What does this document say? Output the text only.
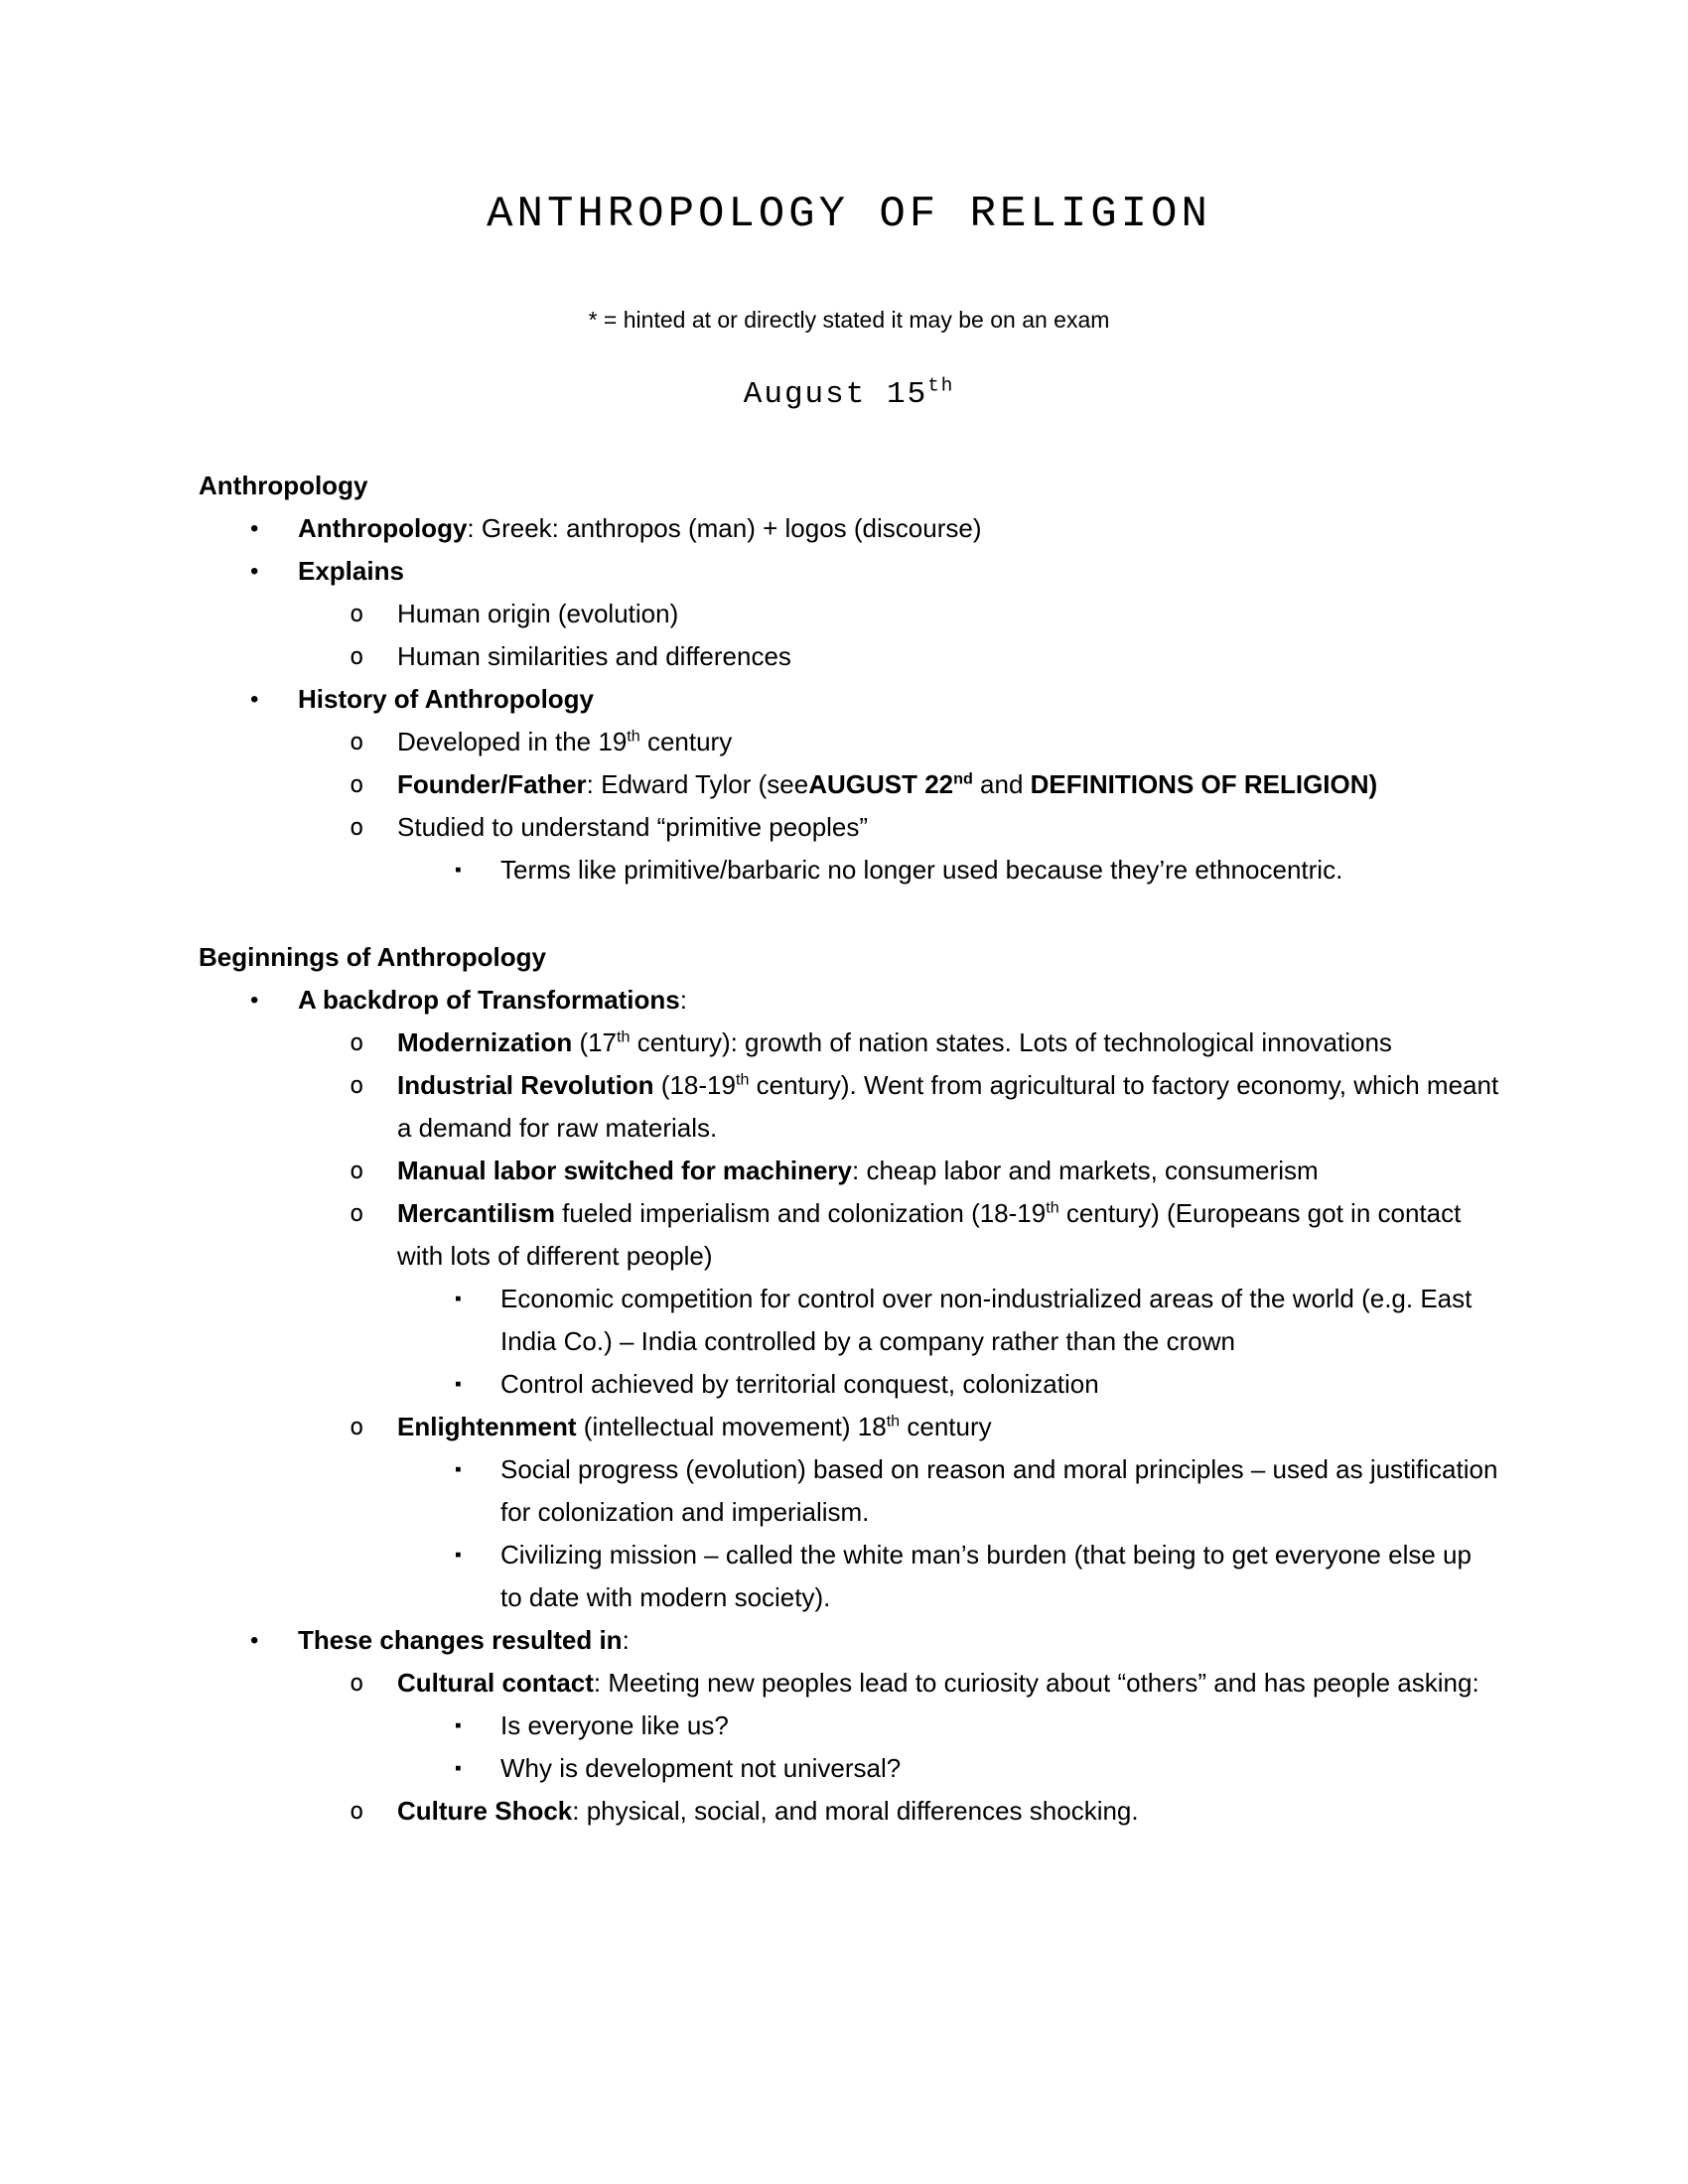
ANTHROPOLOGY OF RELIGION

* = hinted at or directly stated it may be on an exam

August 15th

Anthropology
•	Anthropology: Greek: anthropos (man) + logos (discourse)
•	Explains
o	Human origin (evolution)
o	Human similarities and differences
•	History of Anthropology
o	Developed in the 19th century
o	Founder/Father: Edward Tylor (seeAUGUST 22nd and DEFINITIONS OF RELIGION)
o	Studied to understand “primitive peoples”
▪	Terms like primitive/barbaric no longer used because they’re ethnocentric.
Beginnings of Anthropology
•	A backdrop of Transformations:
o	Modernization (17th century): growth of nation states. Lots of technological innovations
o	Industrial Revolution (18-19th century). Went from agricultural to factory economy, which meant a demand for raw materials.
o	Manual labor switched for machinery: cheap labor and markets, consumerism
o	Mercantilism fueled imperialism and colonization (18-19th century) (Europeans got in contact with lots of different people)
▪	Economic competition for control over non-industrialized areas of the world (e.g. East India Co.) – India controlled by a company rather than the crown
▪	Control achieved by territorial conquest, colonization
o	Enlightenment (intellectual movement) 18th century
▪	Social progress (evolution) based on reason and moral principles – used as justification for colonization and imperialism.
▪	Civilizing mission – called the white man’s burden (that being to get everyone else up to date with modern society).
•	These changes resulted in:
o	Cultural contact: Meeting new peoples lead to curiosity about “others” and has people asking:
▪	Is everyone like us?
▪	Why is development not universal?
o	Culture Shock: physical, social, and moral differences shocking.
